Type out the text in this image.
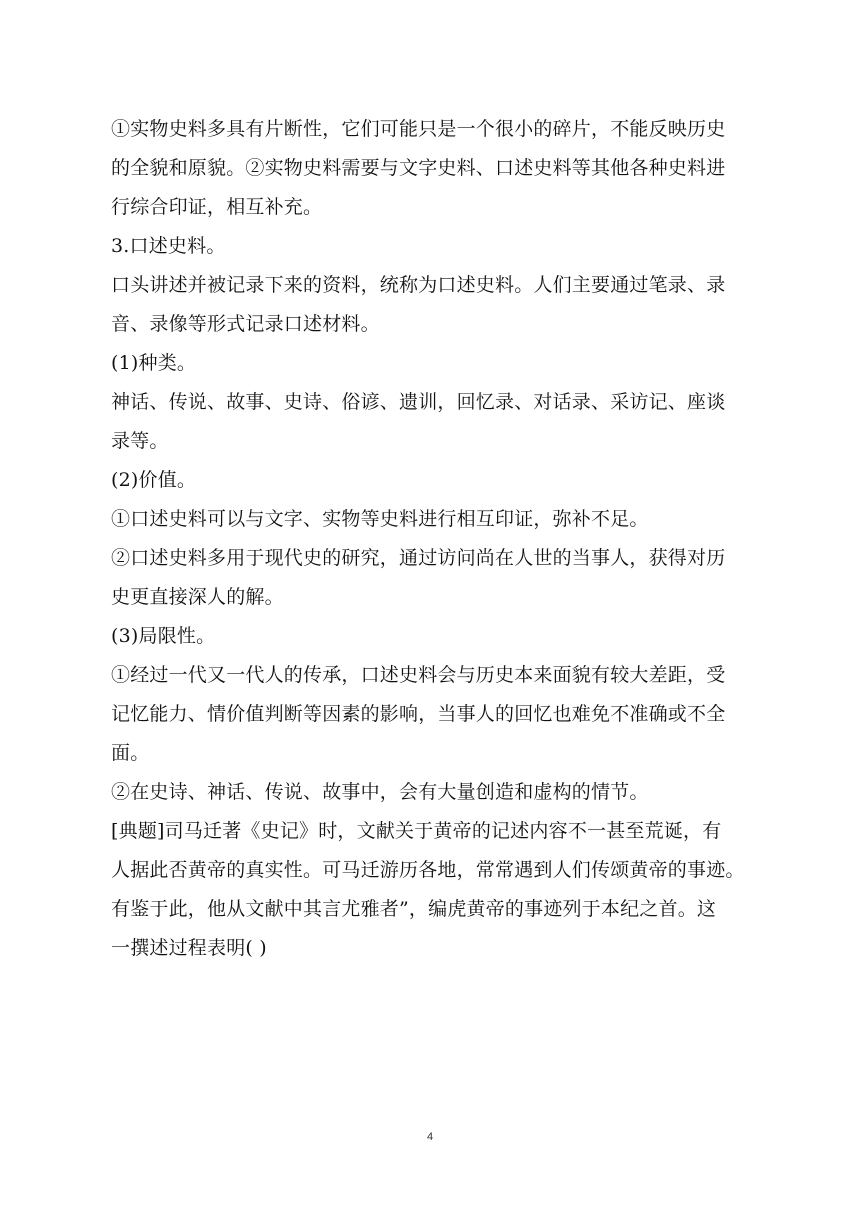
①实物史料多具有片断性，它们可能只是一个很小的碎片，不能反映历史
的全貌和原貌。②实物史料需要与文字史料、口述史料等其他各种史料进
行综合印证，相互补充。
3.口述史料。
口头讲述并被记录下来的资料，统称为口述史料。人们主要通过笔录、录
音、录像等形式记录口述材料。
(1)种类。
神话、传说、故事、史诗、俗谚、遗训，回忆录、对话录、采访记、座谈
录等。
(2)价值。
①口述史料可以与文字、实物等史料进行相互印证，弥补不足。
②口述史料多用于现代史的研究，通过访问尚在人世的当事人，获得对历
史更直接深人的解。
(3)局限性。
①经过一代又一代人的传承，口述史料会与历史本来面貌有较大差距，受
记忆能力、情价值判断等因素的影响，当事人的回忆也难免不准确或不全
面。
②在史诗、神话、传说、故事中，会有大量创造和虚构的情节。
[典题]司马迁著《史记》时，文献关于黄帝的记述内容不一甚至荒诞，有
人据此否黄帝的真实性。可马迁游历各地，常常遇到人们传颂黄帝的事迹。
有鉴于此，他从文献中其言尤雅者”，编虎黄帝的事迹列于本纪之首。这
一撰述过程表明( )
4
